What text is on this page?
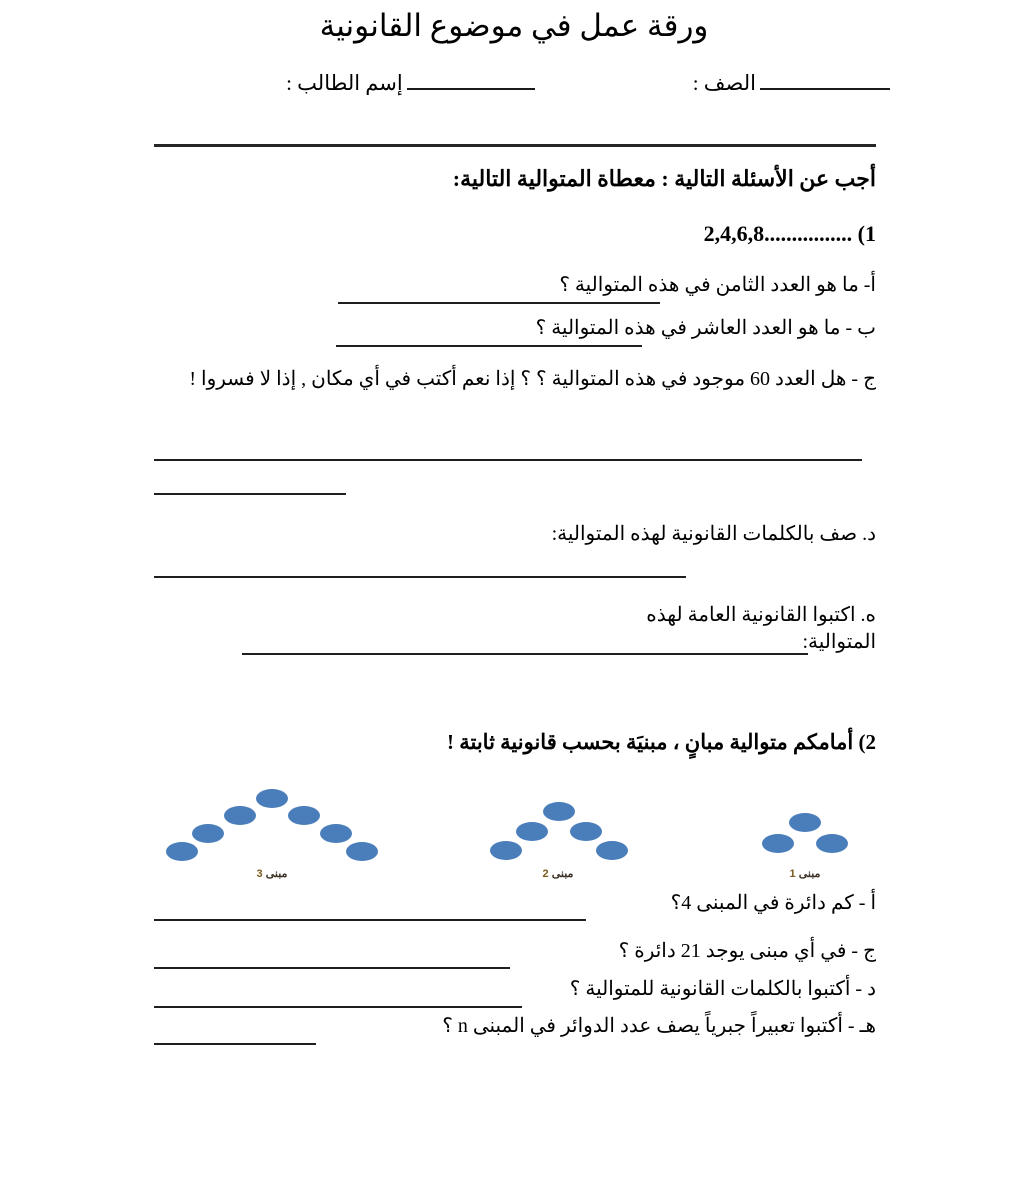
ورقة عمل في موضوع القانونية
الصف :
إسم الطالب :
أجب عن الأسئلة التالية : معطاة المتوالية التالية:
1) ................2,4,6,8
أ- ما هو العدد الثامن في هذه المتوالية ؟
ب - ما هو العدد العاشر في هذه المتوالية ؟
ج - هل العدد 60 موجود في هذه المتوالية ؟ ؟ إذا نعم أكتب في أي مكان , إذا لا فسروا !
د. صف بالكلمات القانونية لهذه المتوالية:
ه. اكتبوا القانونية العامة لهذه المتوالية:
2) أمامكم متوالية مبانٍ ، مبنيَة بحسب قانونية ثابتة !
مبنى 1
مبنى 2
مبنى 3
أ - كم دائرة في المبنى 4؟
ج - في أي مبنى يوجد 21 دائرة ؟
د - أكتبوا بالكلمات القانونية للمتوالية ؟
هـ - أكتبوا تعبيراً جبرياً يصف عدد الدوائر في المبنى n ؟
